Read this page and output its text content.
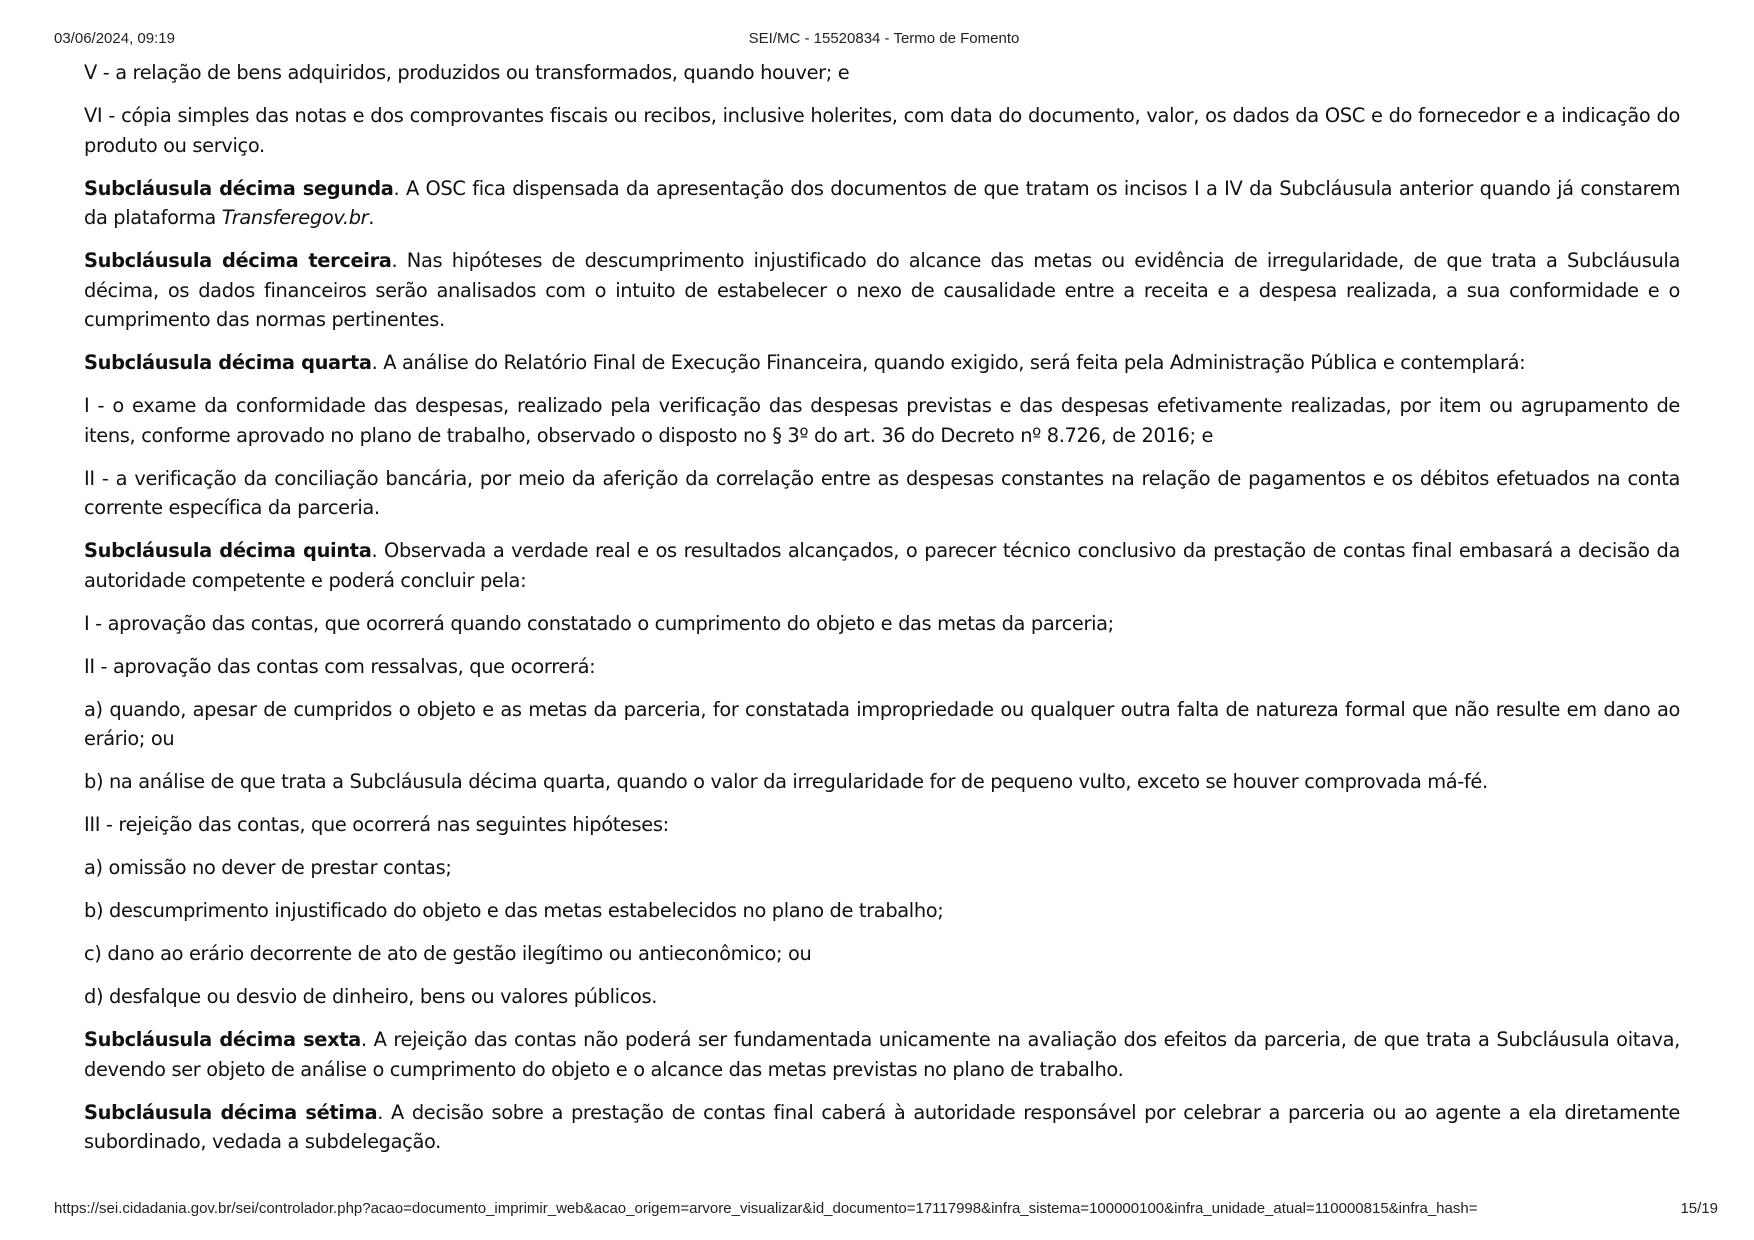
03/06/2024, 09:19	SEI/MC - 15520834 - Termo de Fomento

V - a relação de bens adquiridos, produzidos ou transformados, quando houver; e

VI - cópia simples das notas e dos comprovantes fiscais ou recibos, inclusive holerites, com data do documento, valor, os dados da OSC e do fornecedor e a indicação do produto ou serviço.

Subcláusula décima segunda. A OSC fica dispensada da apresentação dos documentos de que tratam os incisos I a IV da Subcláusula anterior quando já constarem da plataforma Transferegov.br.

Subcláusula décima terceira. Nas hipóteses de descumprimento injustificado do alcance das metas ou evidência de irregularidade, de que trata a Subcláusula décima, os dados financeiros serão analisados com o intuito de estabelecer o nexo de causalidade entre a receita e a despesa realizada, a sua conformidade e o cumprimento das normas pertinentes.

Subcláusula décima quarta. A análise do Relatório Final de Execução Financeira, quando exigido, será feita pela Administração Pública e contemplará:

I - o exame da conformidade das despesas, realizado pela verificação das despesas previstas e das despesas efetivamente realizadas, por item ou agrupamento de itens, conforme aprovado no plano de trabalho, observado o disposto no § 3º do art. 36 do Decreto nº 8.726, de 2016; e

II - a verificação da conciliação bancária, por meio da aferição da correlação entre as despesas constantes na relação de pagamentos e os débitos efetuados na conta corrente específica da parceria.

Subcláusula décima quinta. Observada a verdade real e os resultados alcançados, o parecer técnico conclusivo da prestação de contas final embasará a decisão da autoridade competente e poderá concluir pela:

I - aprovação das contas, que ocorrerá quando constatado o cumprimento do objeto e das metas da parceria;

II - aprovação das contas com ressalvas, que ocorrerá:

a) quando, apesar de cumpridos o objeto e as metas da parceria, for constatada impropriedade ou qualquer outra falta de natureza formal que não resulte em dano ao erário; ou

b) na análise de que trata a Subcláusula décima quarta, quando o valor da irregularidade for de pequeno vulto, exceto se houver comprovada má-fé.

III - rejeição das contas, que ocorrerá nas seguintes hipóteses:

a) omissão no dever de prestar contas;

b) descumprimento injustificado do objeto e das metas estabelecidos no plano de trabalho;

c) dano ao erário decorrente de ato de gestão ilegítimo ou antieconômico; ou

d) desfalque ou desvio de dinheiro, bens ou valores públicos.

Subcláusula décima sexta. A rejeição das contas não poderá ser fundamentada unicamente na avaliação dos efeitos da parceria, de que trata a Subcláusula oitava, devendo ser objeto de análise o cumprimento do objeto e o alcance das metas previstas no plano de trabalho.

Subcláusula décima sétima. A decisão sobre a prestação de contas final caberá à autoridade responsável por celebrar a parceria ou ao agente a ela diretamente subordinado, vedada a subdelegação.

https://sei.cidadania.gov.br/sei/controlador.php?acao=documento_imprimir_web&acao_origem=arvore_visualizar&id_documento=17117998&infra_sistema=100000100&infra_unidade_atual=110000815&infra_hash=	15/19
